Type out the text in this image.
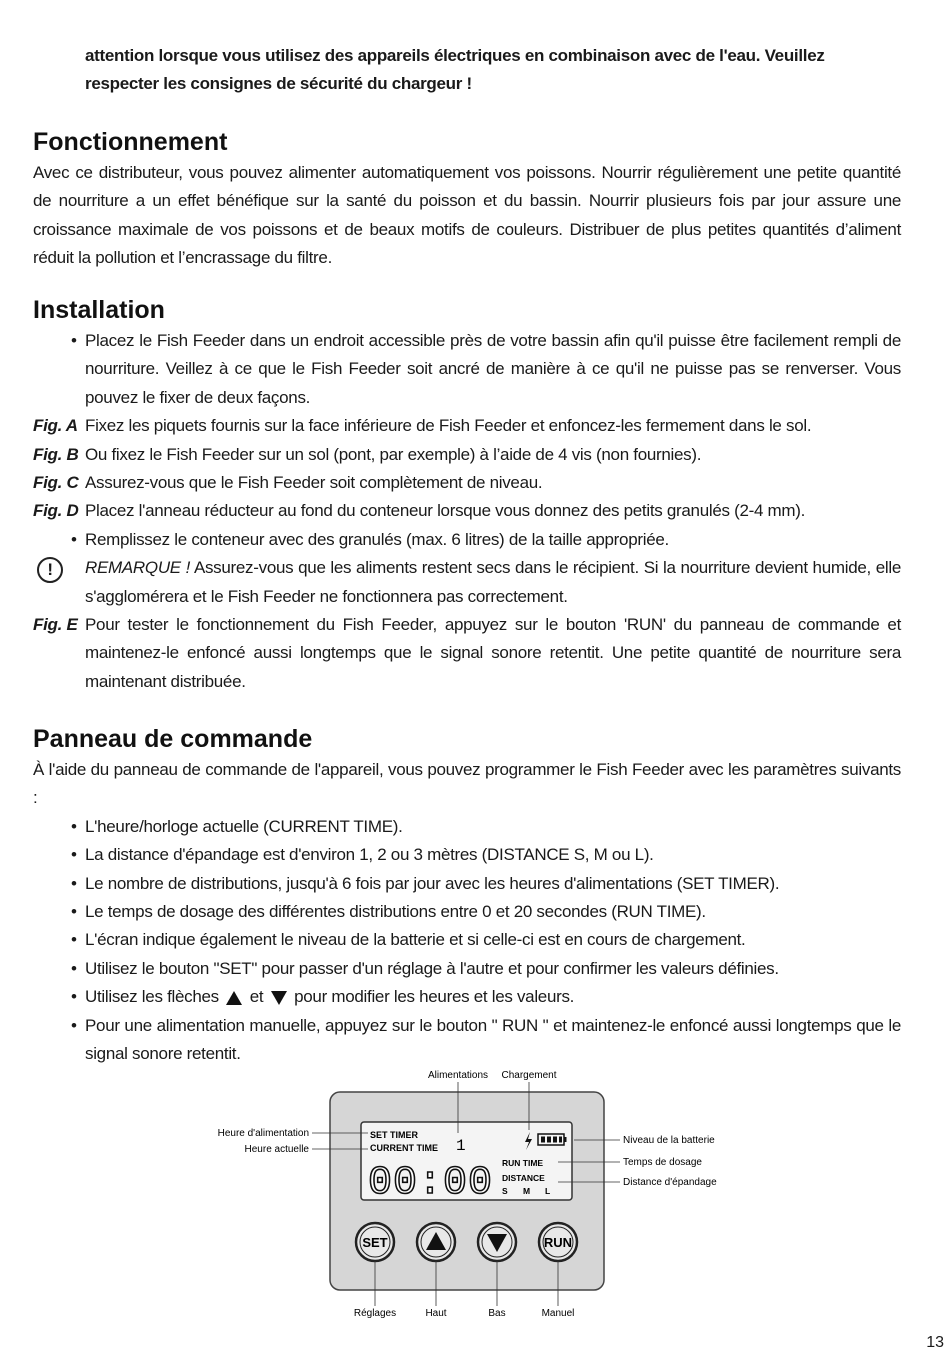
attention lorsque vous utilisez des appareils électriques en combinaison avec de l'eau. Veuillez respecter les consignes de sécurité du chargeur !
Fonctionnement

Avec ce distributeur, vous pouvez alimenter automatiquement vos poissons. Nourrir régulièrement une petite quantité de nourriture a un effet bénéfique sur la santé du poisson et du bassin. Nourrir plusieurs fois par jour assure une croissance maximale de vos poissons et de beaux motifs de couleurs. Distribuer de plus petites quantités d’aliment réduit la pollution et l’encrassage du filtre.

Installation
• Placez le Fish Feeder dans un endroit accessible près de votre bassin afin qu'il puisse être facilement rempli de nourriture. Veillez à ce que le Fish Feeder soit ancré de manière à ce qu'il ne puisse pas se renverser. Vous pouvez le fixer de deux façons.
Fig. A Fixez les piquets fournis sur la face inférieure de Fish Feeder et enfoncez-les fermement dans le sol.
Fig. B Ou fixez le Fish Feeder sur un sol (pont, par exemple) à l’aide de 4 vis (non fournies).
Fig. C Assurez-vous que le Fish Feeder soit complètement de niveau.
Fig. D Placez l'anneau réducteur au fond du conteneur lorsque vous donnez des petits granulés (2-4 mm).
• Remplissez le conteneur avec des granulés (max. 6 litres) de la taille appropriée.
!	REMARQUE ! Assurez-vous que les aliments restent secs dans le récipient. Si la nourriture devient humide, elle s'agglomérera et le Fish Feeder ne fonctionnera pas correctement.
Fig. E Pour tester le fonctionnement du Fish Feeder, appuyez sur le bouton 'RUN' du panneau de commande et maintenez-le enfoncé aussi longtemps que le signal sonore retentit. Une petite quantité de nourriture sera maintenant distribuée.
Panneau de commande

À l'aide du panneau de commande de l'appareil, vous pouvez programmer le Fish Feeder avec les paramètres suivants :

• L'heure/horloge actuelle (CURRENT TIME).
• La distance d'épandage est d'environ 1, 2 ou 3 mètres (DISTANCE S, M ou L).
• Le nombre de distributions, jusqu'à 6 fois par jour avec les heures d'alimentations (SET TIMER).
• Le temps de dosage des différentes distributions entre 0 et 20 secondes (RUN TIME).
• L'écran indique également le niveau de la batterie et si celle-ci est en cours de chargement.
• Utilisez le bouton "SET" pour passer d'un réglage à l'autre et pour confirmer les valeurs définies.
• Utilisez les flèches  et  pour modifier les heures et les valeurs.
• Pour une alimentation manuelle, appuyez sur le bouton " RUN " et maintenez-le enfoncé aussi longtemps que le signal sonore retentit.
SET TIMER
CURRENT TIME 1
00:00 RUN TIME
DISTANCE
S M L
SET	RUN
Alimentations Chargement
Heure d'alimentation
Heure actuelle
Niveau de la batterie
Temps de dosage
Distance d'épandage
Réglages	Haut	Bas	Manuel
13
